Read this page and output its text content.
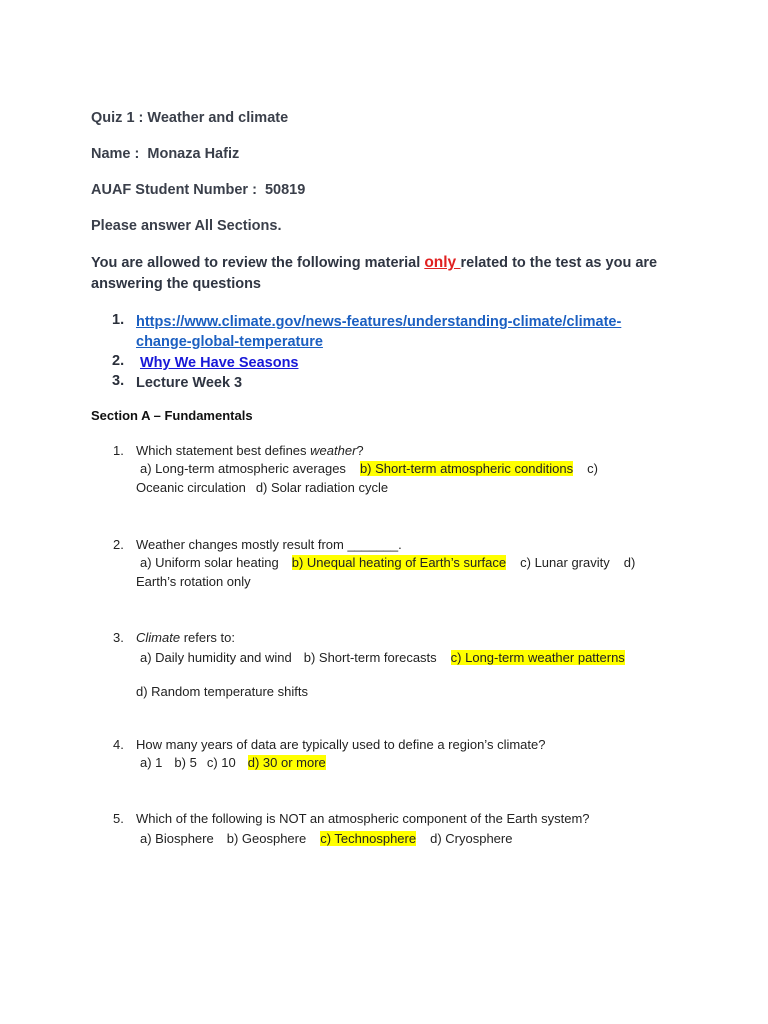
Quiz 1 : Weather and climate
Name : Monaza Hafiz
AUAF Student Number : 50819
Please answer All Sections.
You are allowed to review the following material only related to the test as you are answering the questions
1. https://www.climate.gov/news-features/understanding-climate/climate-
change-global-temperature
2. Why We Have Seasons
3. Lecture Week 3
Section A – Fundamentals
1. Which statement best defines weather?
a) Long-term atmospheric averages b) Short-term atmospheric conditions c)
Oceanic circulation d) Solar radiation cycle
2. Weather changes mostly result from _______.
a) Uniform solar heating b) Unequal heating of Earth’s surface c) Lunar gravity d)
Earth’s rotation only
3. Climate refers to:
a) Daily humidity and wind b) Short-term forecasts c) Long-term weather patterns
d) Random temperature shifts
4. How many years of data are typically used to define a region’s climate?
a) 1 b) 5 c) 10 d) 30 or more
5. Which of the following is NOT an atmospheric component of the Earth system?
a) Biosphere b) Geosphere c) Technosphere d) Cryosphere
